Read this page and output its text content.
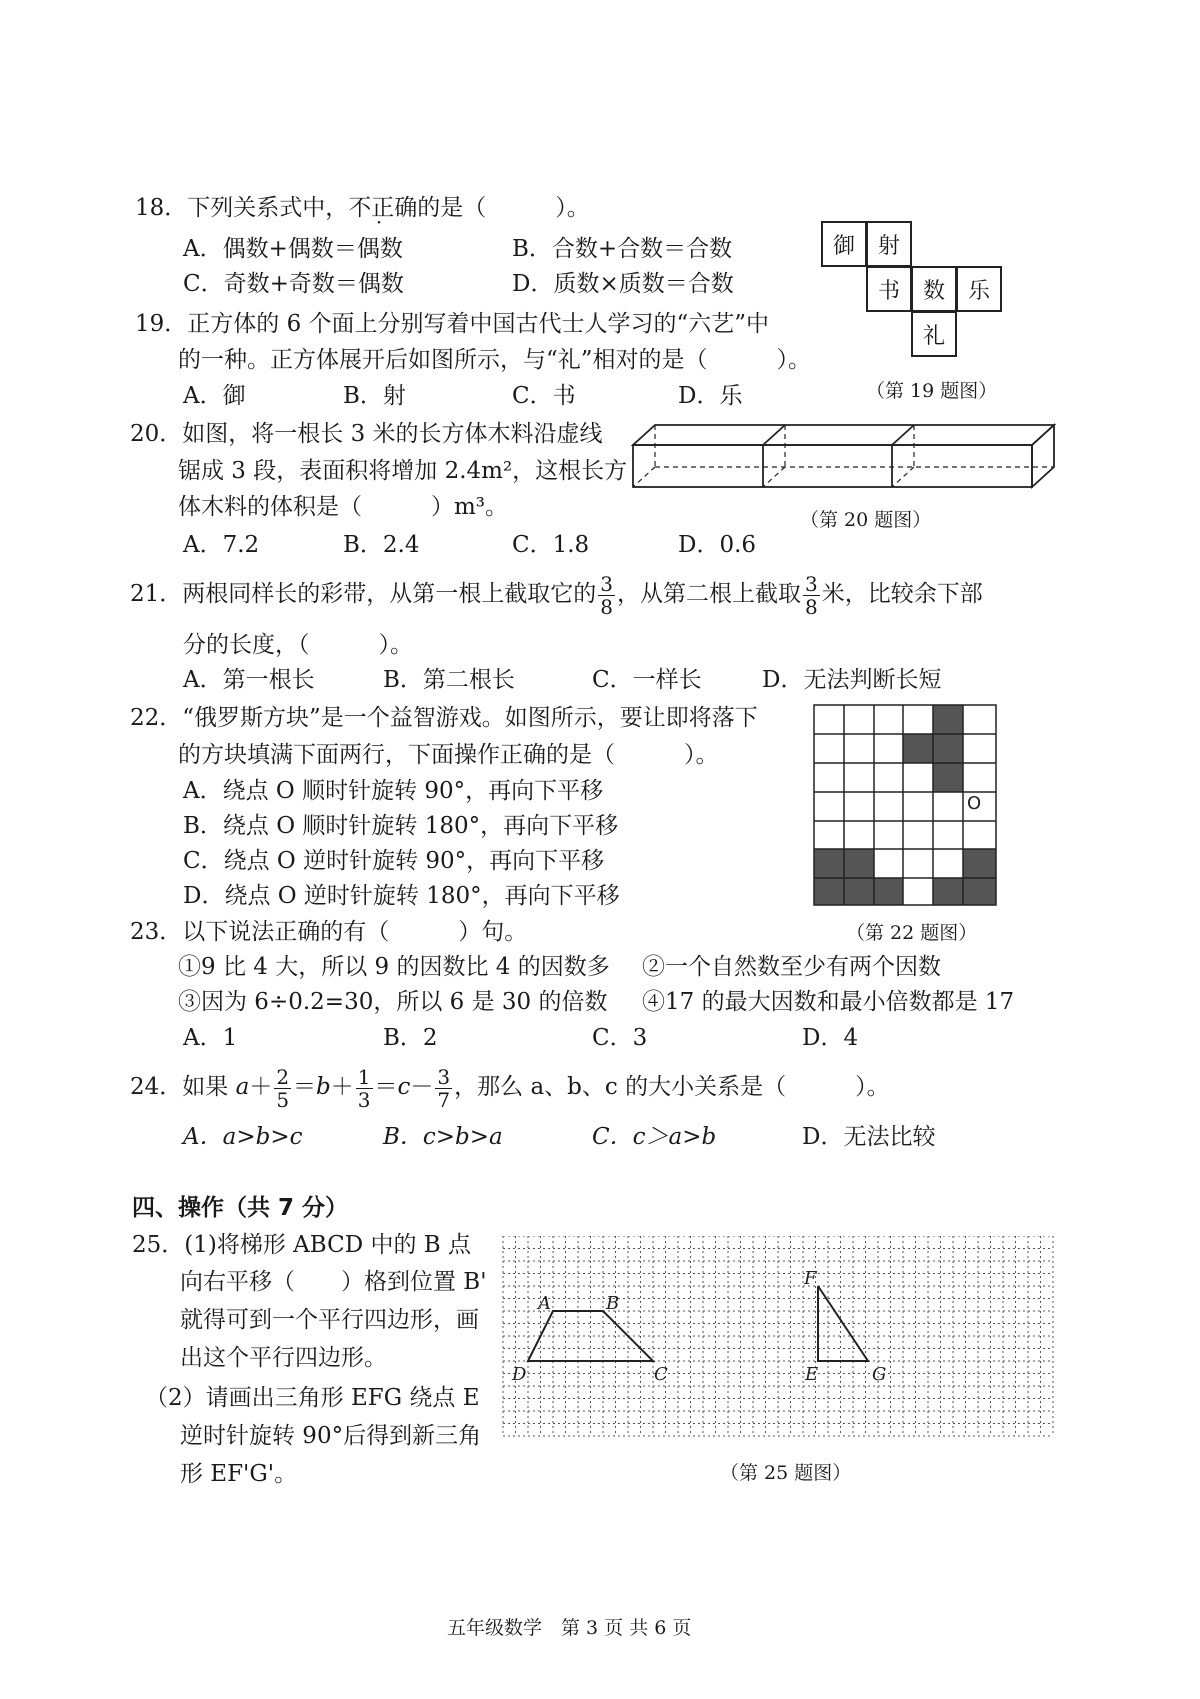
18．下列关系式中，不正确的是（　　　）。
A．偶数+偶数＝偶数	B．合数+合数＝合数
C．奇数+奇数＝偶数	D．质数×质数＝合数
御	射
书	数	乐
礼
（第 19 题图）
19．正方体的 6 个面上分别写着中国古代士人学习的“六艺”中
的一种。正方体展开后如图所示，与“礼”相对的是（　　　）。
A．御	B．射	C．书	D．乐
20．如图，将一根长 3 米的长方体木料沿虚线
锯成 3 段，表面积将增加 2.4m²，这根长方
体木料的体积是（　　　）m³。	（第 20 题图）
A．7.2	B．2.4	C．1.8	D．0.6
21．两根同样长的彩带，从第一根上截取它的 $\frac{3}{8}$ ，从第二根上截取 $\frac{3}{8}$ 米，比较余下部
分的长度，（　　　）。
A．第一根长	B．第二根长	C．一样长	D．无法判断长短
22．“俄罗斯方块”是一个益智游戏。如图所示，要让即将落下
的方块填满下面两行，下面操作正确的是（　　　）。
A．绕点 O 顺时针旋转 90°，再向下平移
B．绕点 O 顺时针旋转 180°，再向下平移
C．绕点 O 逆时针旋转 90°，再向下平移
D．绕点 O 逆时针旋转 180°，再向下平移
O
（第 22 题图）
23．以下说法正确的有（　　　）句。
①9 比 4 大，所以 9 的因数比 4 的因数多 ②一个自然数至少有两个因数
③因为 6÷0.2=30，所以 6 是 30 的倍数 ④17 的最大因数和最小倍数都是 17
A．1	B．2	C．3	D．4
24．如果 $a+ \frac{2}{5} =b+ \frac{1}{3} =c- \frac{3}{7}$ ，那么 a、b、c 的大小关系是（　　　）。
A．a>b>c	B．c>b>a	C．c＞a>b	D．无法比较
四、操作（共 7 分）
25．(1)将梯形 ABCD 中的 B 点
向右平移（　　）格到位置 B'
就得可到一个平行四边形，画
出这个平行四边形。
（2）请画出三角形 EFG 绕点 E
逆时针旋转 90°后得到新三角
形 EF'G'。
A	B
C
D	E
F
G
（第 25 题图）
五年级数学　第 3 页 共 6 页
